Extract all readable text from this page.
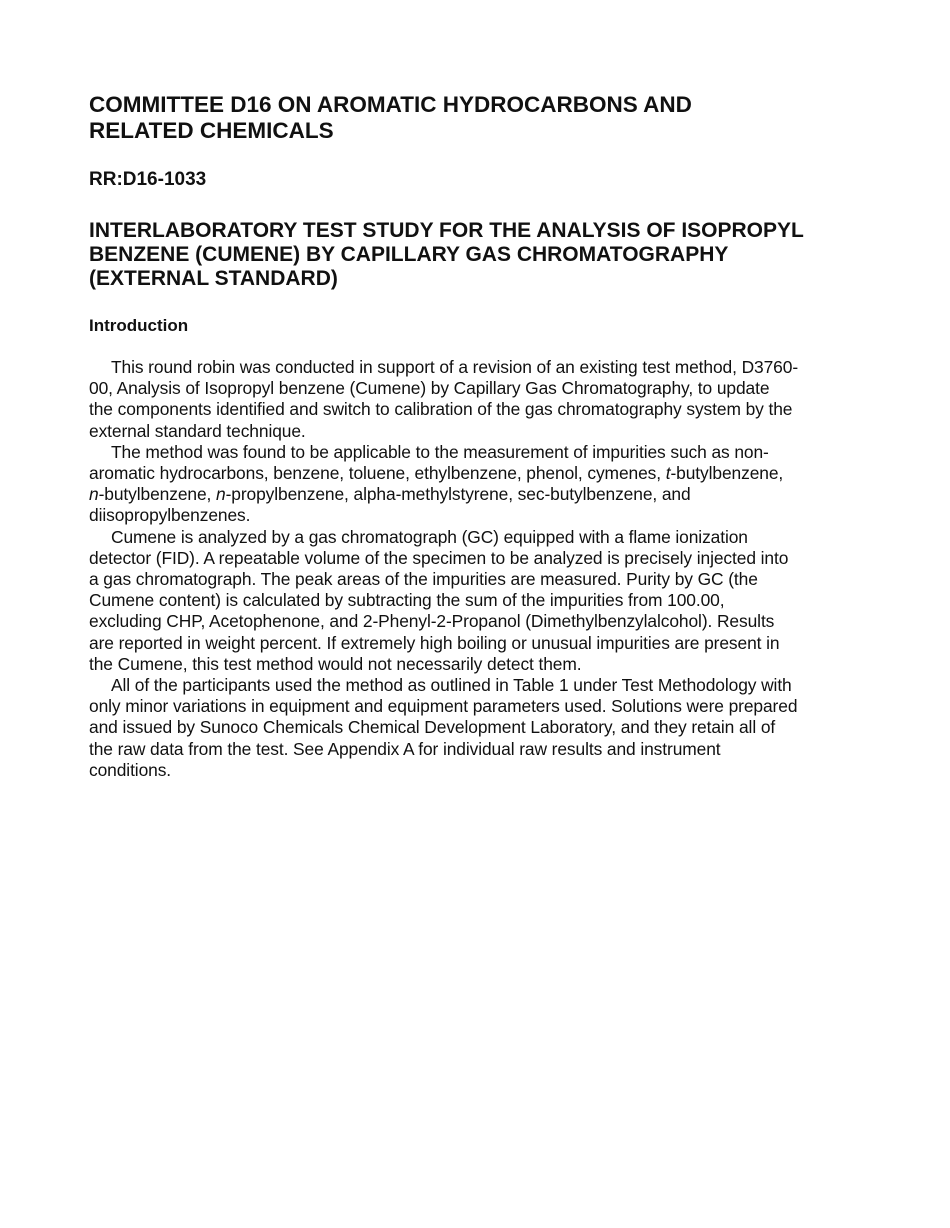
COMMITTEE D16 ON AROMATIC HYDROCARBONS AND
RELATED CHEMICALS
RR:D16-1033
INTERLABORATORY TEST STUDY FOR THE ANALYSIS OF ISOPROPYL
BENZENE (CUMENE) BY CAPILLARY GAS CHROMATOGRAPHY
(EXTERNAL STANDARD)
Introduction

This round robin was conducted in support of a revision of an existing test method, D3760-
00, Analysis of Isopropyl benzene (Cumene) by Capillary Gas Chromatography, to update
the components identified and switch to calibration of the gas chromatography system by the
external standard technique.

The method was found to be applicable to the measurement of impurities such as non-
aromatic hydrocarbons, benzene, toluene, ethylbenzene, phenol, cymenes, t-butylbenzene,
n-butylbenzene, n-propylbenzene, alpha-methylstyrene, sec-butylbenzene, and
diisopropylbenzenes.

Cumene is analyzed by a gas chromatograph (GC) equipped with a flame ionization
detector (FID). A repeatable volume of the specimen to be analyzed is precisely injected into
a gas chromatograph. The peak areas of the impurities are measured. Purity by GC (the
Cumene content) is calculated by subtracting the sum of the impurities from 100.00,
excluding CHP, Acetophenone, and 2-Phenyl-2-Propanol (Dimethylbenzylalcohol). Results
are reported in weight percent. If extremely high boiling or unusual impurities are present in
the Cumene, this test method would not necessarily detect them.

All of the participants used the method as outlined in Table 1 under Test Methodology with
only minor variations in equipment and equipment parameters used. Solutions were prepared
and issued by Sunoco Chemicals Chemical Development Laboratory, and they retain all of
the raw data from the test. See Appendix A for individual raw results and instrument
conditions.
